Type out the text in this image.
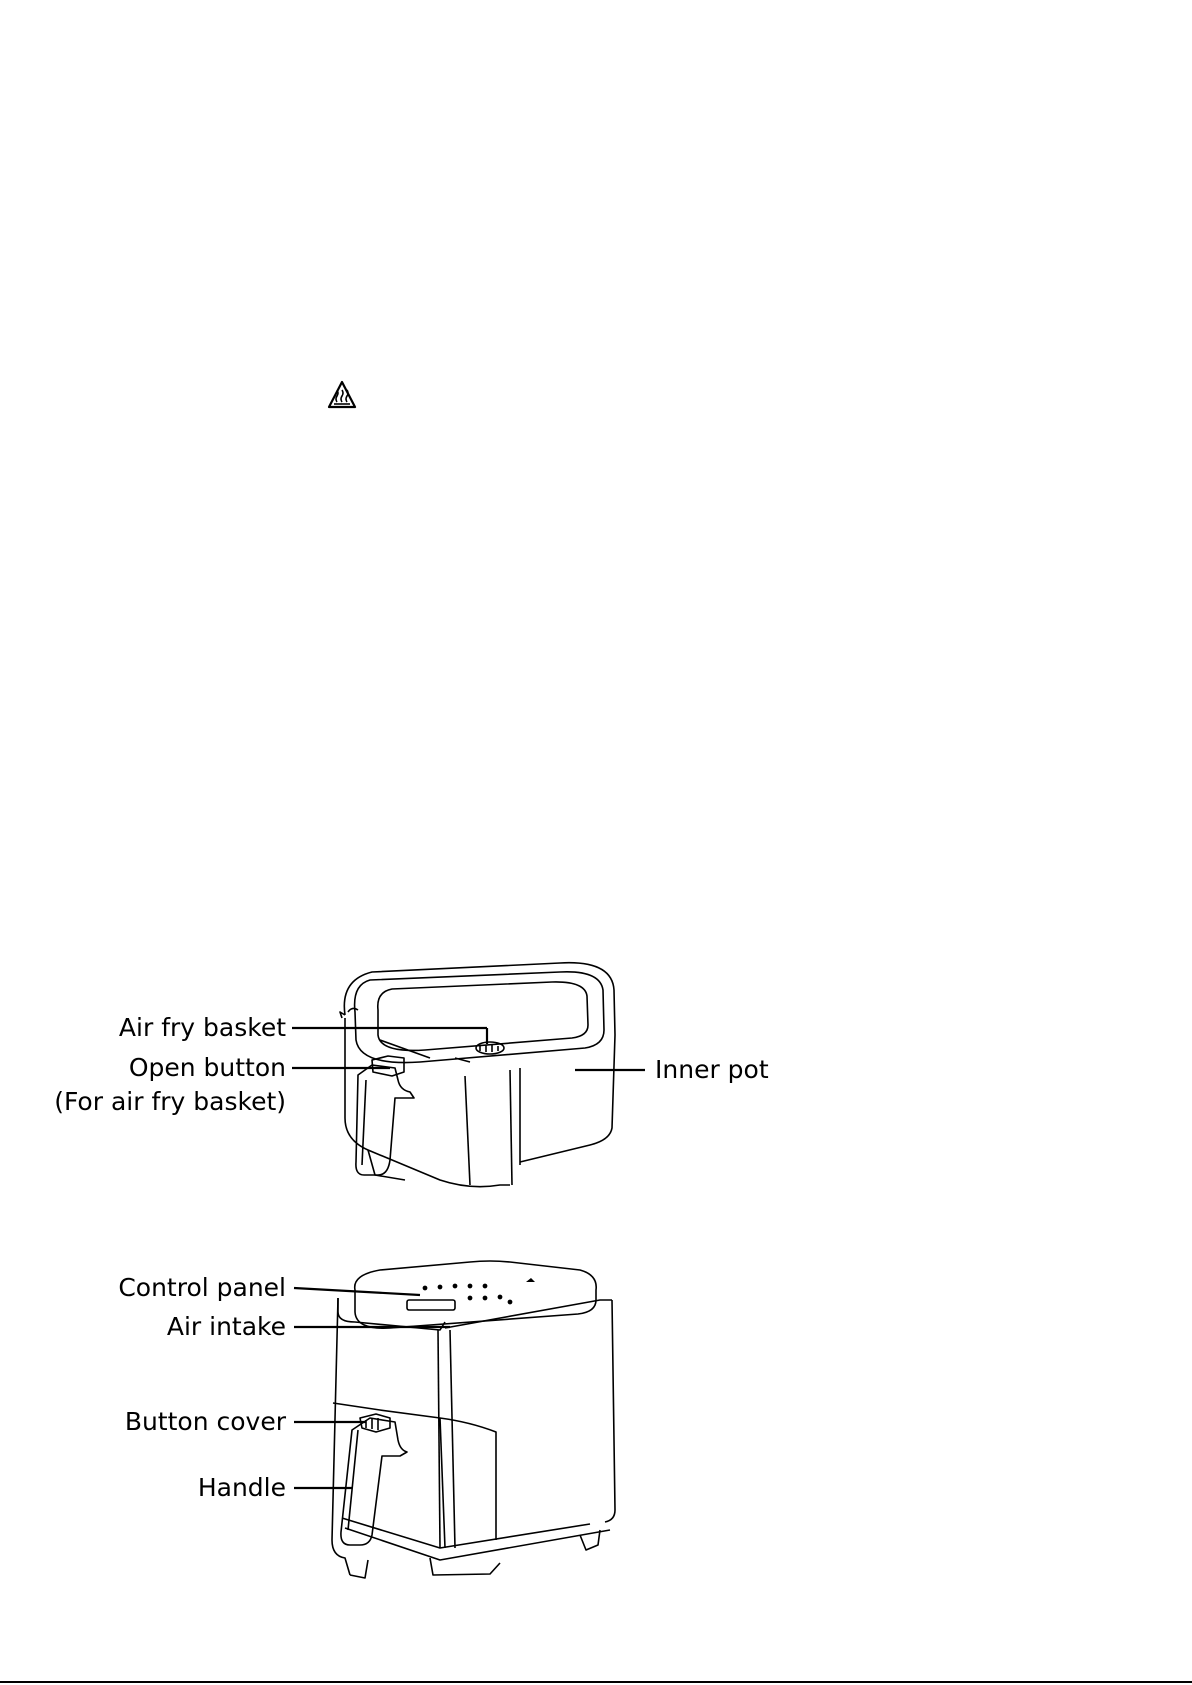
Air fry basket
Open button
(For air fry basket)
Inner pot
Control panel
Air intake
Button cover
Handle
